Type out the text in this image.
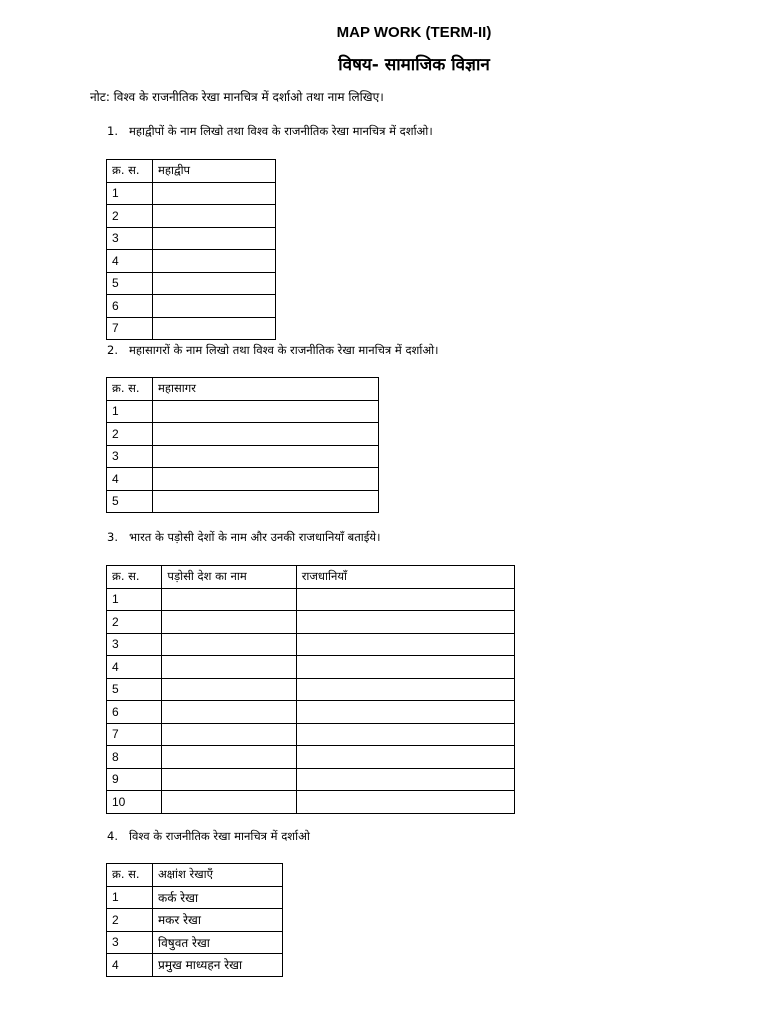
MAP WORK (TERM-II)
विषय- सामाजिक विज्ञान
नोट: विश्व के राजनीतिक रेखा मानचित्र में दर्शाओ तथा नाम लिखिए।
1. महाद्वीपों के नाम लिखो तथा विश्व के राजनीतिक रेखा मानचित्र में दर्शाओ।
क्र. स.	महाद्वीप
1	
2	
3	
4	
5	
6	
7	
2. महासागरों के नाम लिखो तथा विश्व के राजनीतिक रेखा मानचित्र में दर्शाओ।
क्र. स.	महासागर
1	
2	
3	
4	
5	
3. भारत के पड़ोसी देशों के नाम और उनकी राजधानियाँ बताईये।
क्र. स.	पड़ोसी देश का नाम	राजधानियाँ
1		
2		
3		
4		
5		
6		
7		
8		
9		
10		
4. विश्व के राजनीतिक रेखा मानचित्र में दर्शाओ
क्र. स.	अक्षांश रेखाएँ
1	कर्क रेखा
2	मकर रेखा
3	विषुवत रेखा
4	प्रमुख माध्यहन रेखा
